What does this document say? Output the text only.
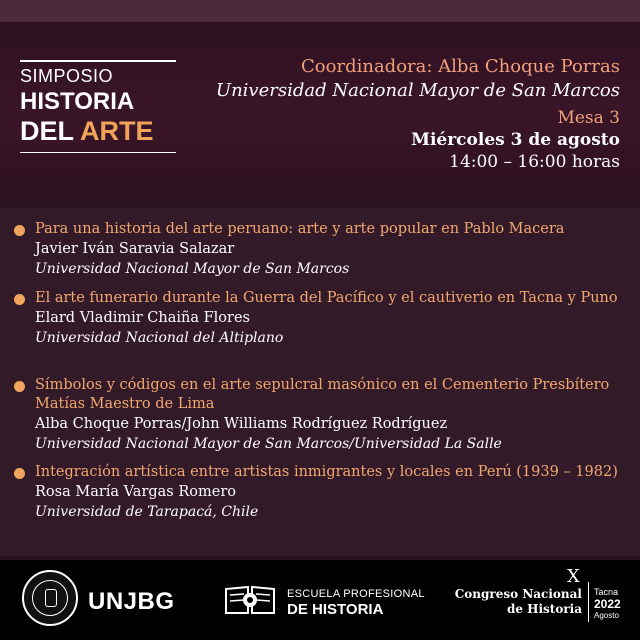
SIMPOSIO
HISTORIA
DEL ARTE
Coordinadora: Alba Choque Porras
Universidad Nacional Mayor de San Marcos
Mesa 3
Miércoles 3 de agosto
14:00 – 16:00 horas
Para una historia del arte peruano: arte y arte popular en Pablo Macera
Javier Iván Saravia Salazar
Universidad Nacional Mayor de San Marcos
El arte funerario durante la Guerra del Pacífico y el cautiverio en Tacna y Puno
Elard Vladimir Chaiña Flores
Universidad Nacional del Altiplano
Símbolos y códigos en el arte sepulcral masónico en el Cementerio Presbítero Matías Maestro de Lima
Alba Choque Porras/John Williams Rodríguez Rodríguez
Universidad Nacional Mayor de San Marcos/Universidad La Salle
Integración artística entre artistas inmigrantes y locales en Perú (1939 – 1982)
Rosa María Vargas Romero
Universidad de Tarapacá, Chile
UNJBG	ESCUELA PROFESIONAL
DE HISTORIA
X
Congreso Nacional
de Historia
Tacna
2022
Agosto
